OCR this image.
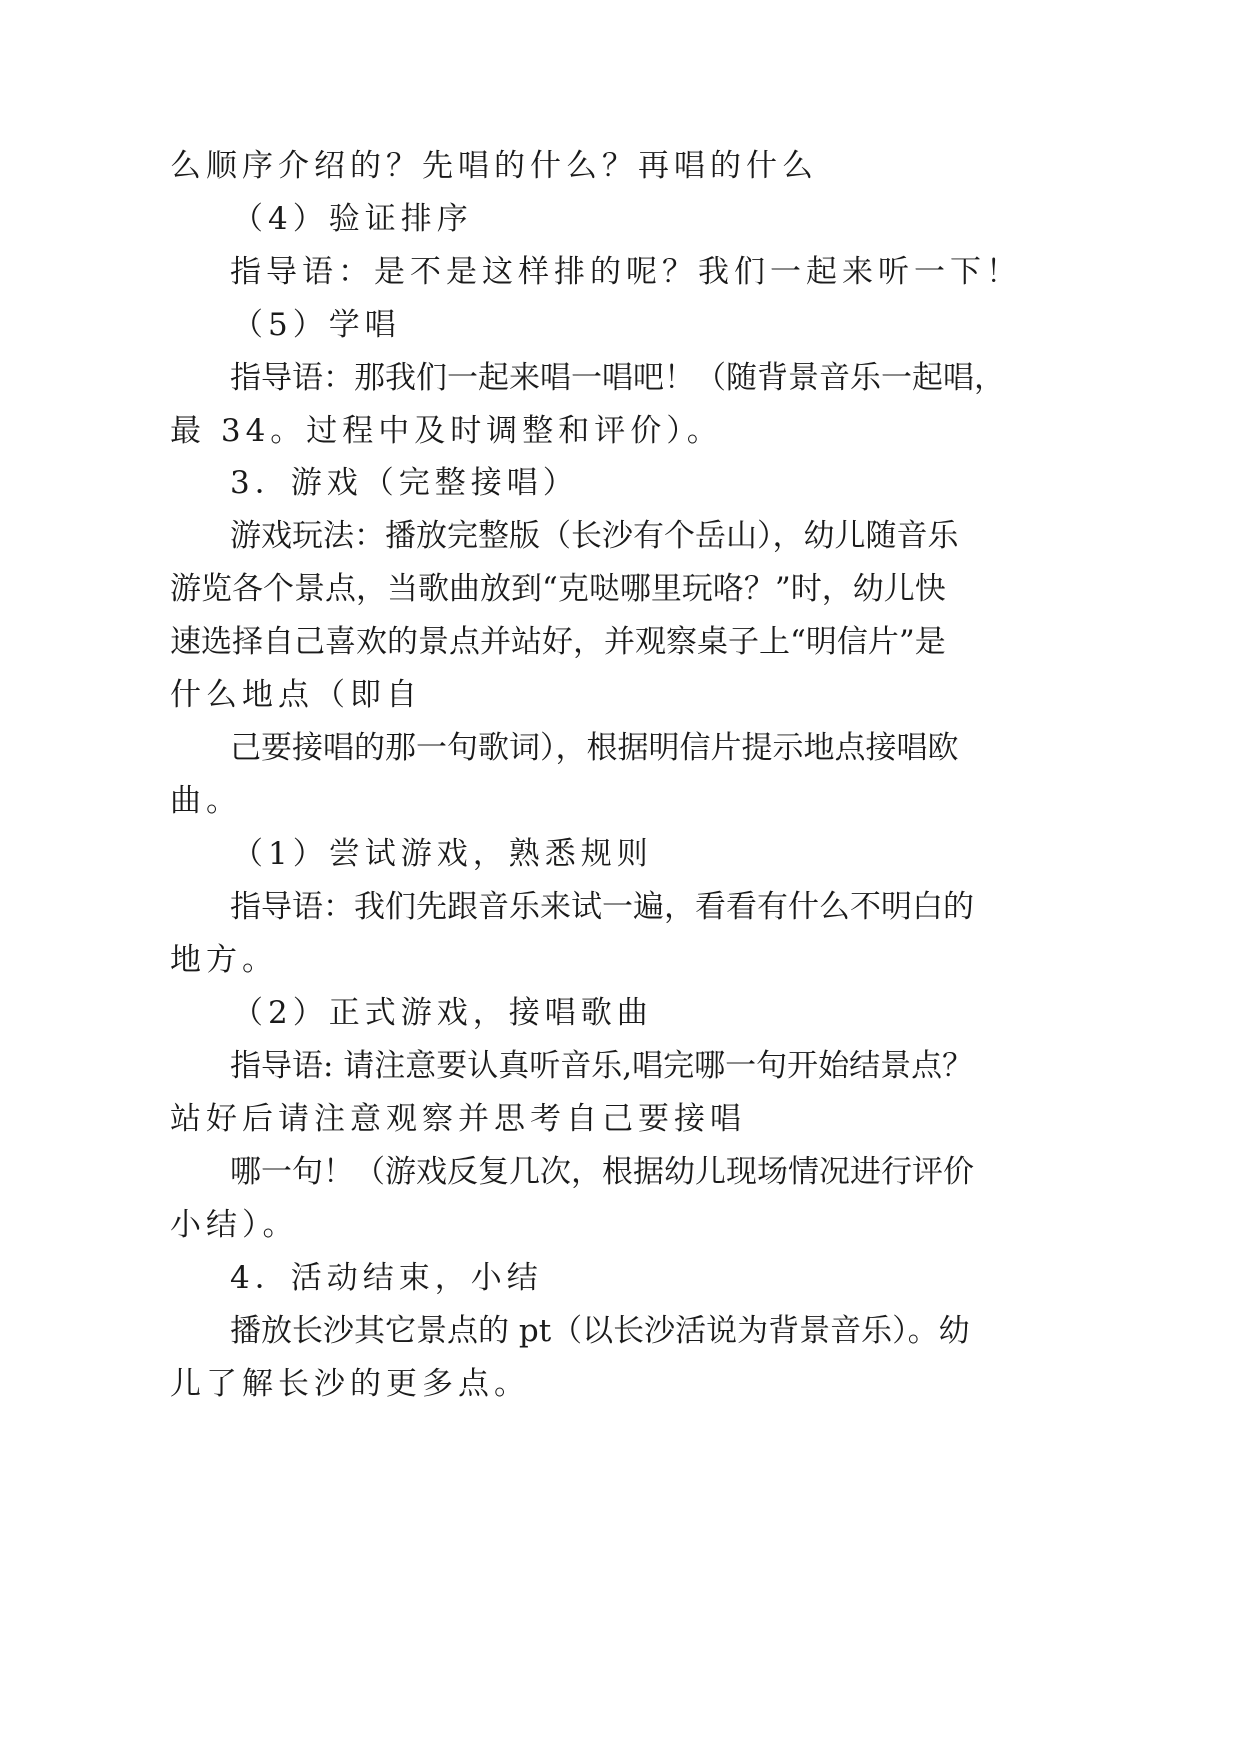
么顺序介绍的？先唱的什么？再唱的什么
（4）验证排序
指导语：是不是这样排的呢？我们一起来听一下！
（5）学唱
指导语：那我们一起来唱一唱吧！（随背景音乐一起唱，
最 34。过程中及时调整和评价）。
3．游戏（完整接唱）
游戏玩法：播放完整版（长沙有个岳山），幼儿随音乐
游览各个景点，当歌曲放到“克哒哪里玩咯？”时，幼儿快
速选择自己喜欢的景点并站好，并观察桌子上“明信片”是
什么地点（即自
己要接唱的那一句歌词），根据明信片提示地点接唱欧
曲。
（1）尝试游戏，熟悉规则
指导语：我们先跟音乐来试一遍，看看有什么不明白的
地方。
（2）正式游戏，接唱歌曲
指导语: 请注意要认真听音乐,唱完哪一句开始结景点？
站好后请注意观察并思考自己要接唱
哪一句！（游戏反复几次，根据幼儿现场情况进行评价
小结）。
4．活动结束，小结
播放长沙其它景点的 pt（以长沙活说为背景音乐）。幼
儿了解长沙的更多点。
